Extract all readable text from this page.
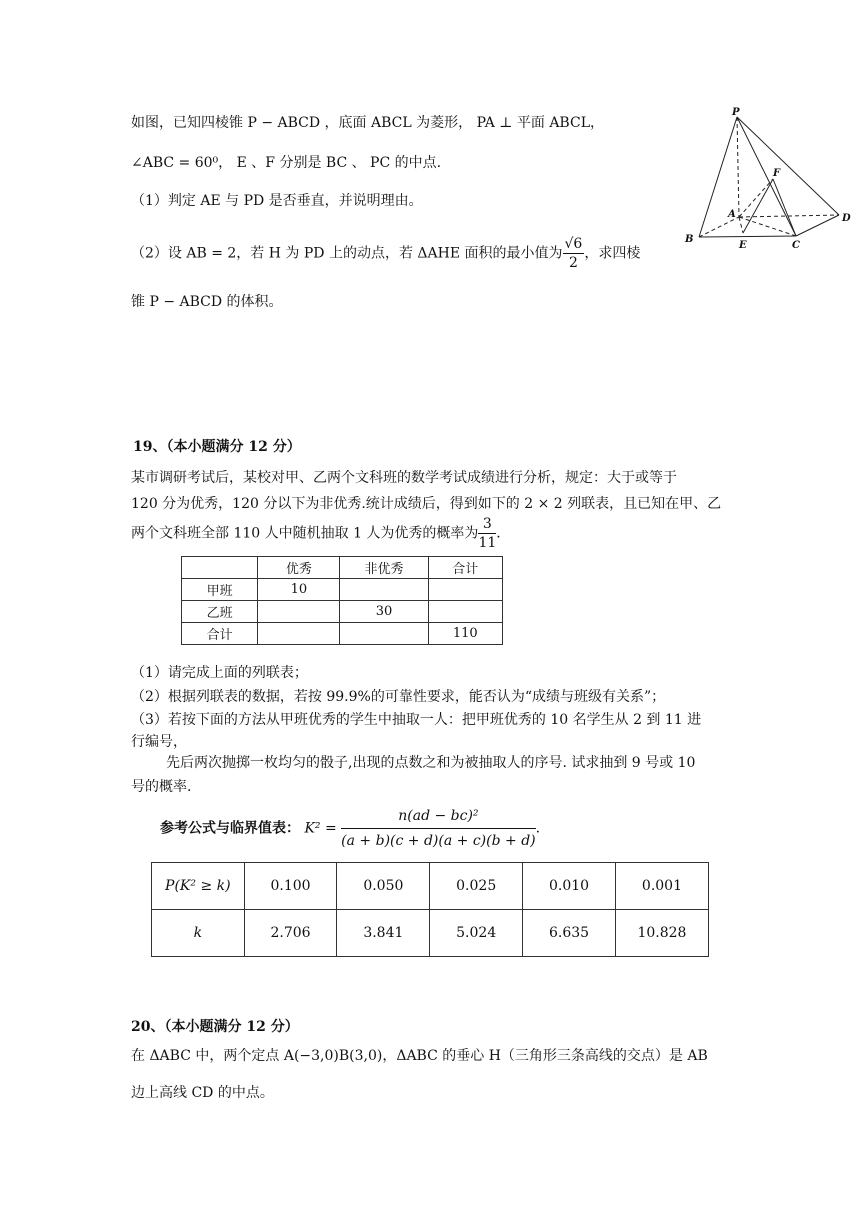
如图，已知四棱锥 P − ABCD ，底面 ABCL 为菱形， PA ⊥ 平面 ABCL，
∠ABC = 60⁰， E 、F 分别是 BC 、 PC 的中点.
（1）判定 AE 与 PD 是否垂直，并说明理由。
（2）设 AB = 2，若 H 为 PD 上的动点，若 ΔAHE 面积的最小值为 $\frac{√6}{2}$ ，求四棱
锥 P − ABCD 的体积。
P
A
B
C
D
E
F
19、（本小题满分 12 分）
某市调研考试后，某校对甲、乙两个文科班的数学考试成绩进行分析，规定：大于或等于
120 分为优秀，120 分以下为非优秀.统计成绩后，得到如下的 2 × 2 列联表，且已知在甲、乙
两个文科班全部 110 人中随机抽取 1 人为优秀的概率为 $\frac{3}{11}$ .
	优秀	非优秀	合计
甲班	10		
乙班		30	
合计			110
（1）请完成上面的列联表；
（2）根据列联表的数据，若按 99.9%的可靠性要求，能否认为“成绩与班级有关系”；
（3）若按下面的方法从甲班优秀的学生中抽取一人：把甲班优秀的 10 名学生从 2 到 11 进
行编号，
先后两次抛掷一枚均匀的骰子,出现的点数之和为被抽取人的序号. 试求抽到 9 号或 10
号的概率.
参考公式与临界值表： $K^2 = \frac{\text{n(ad − bc)²}}{(a + b)(c + d)(a + c)(b + d)}$ .
P(K² ≥ k)	0.100	0.050	0.025	0.010	0.001
k	2.706	3.841	5.024	6.635	10.828
20、（本小题满分 12 分）
在 ΔABC 中，两个定点 A(−3,0)B(3,0)，ΔABC 的垂心 H（三角形三条高线的交点）是 AB
边上高线 CD 的中点。
